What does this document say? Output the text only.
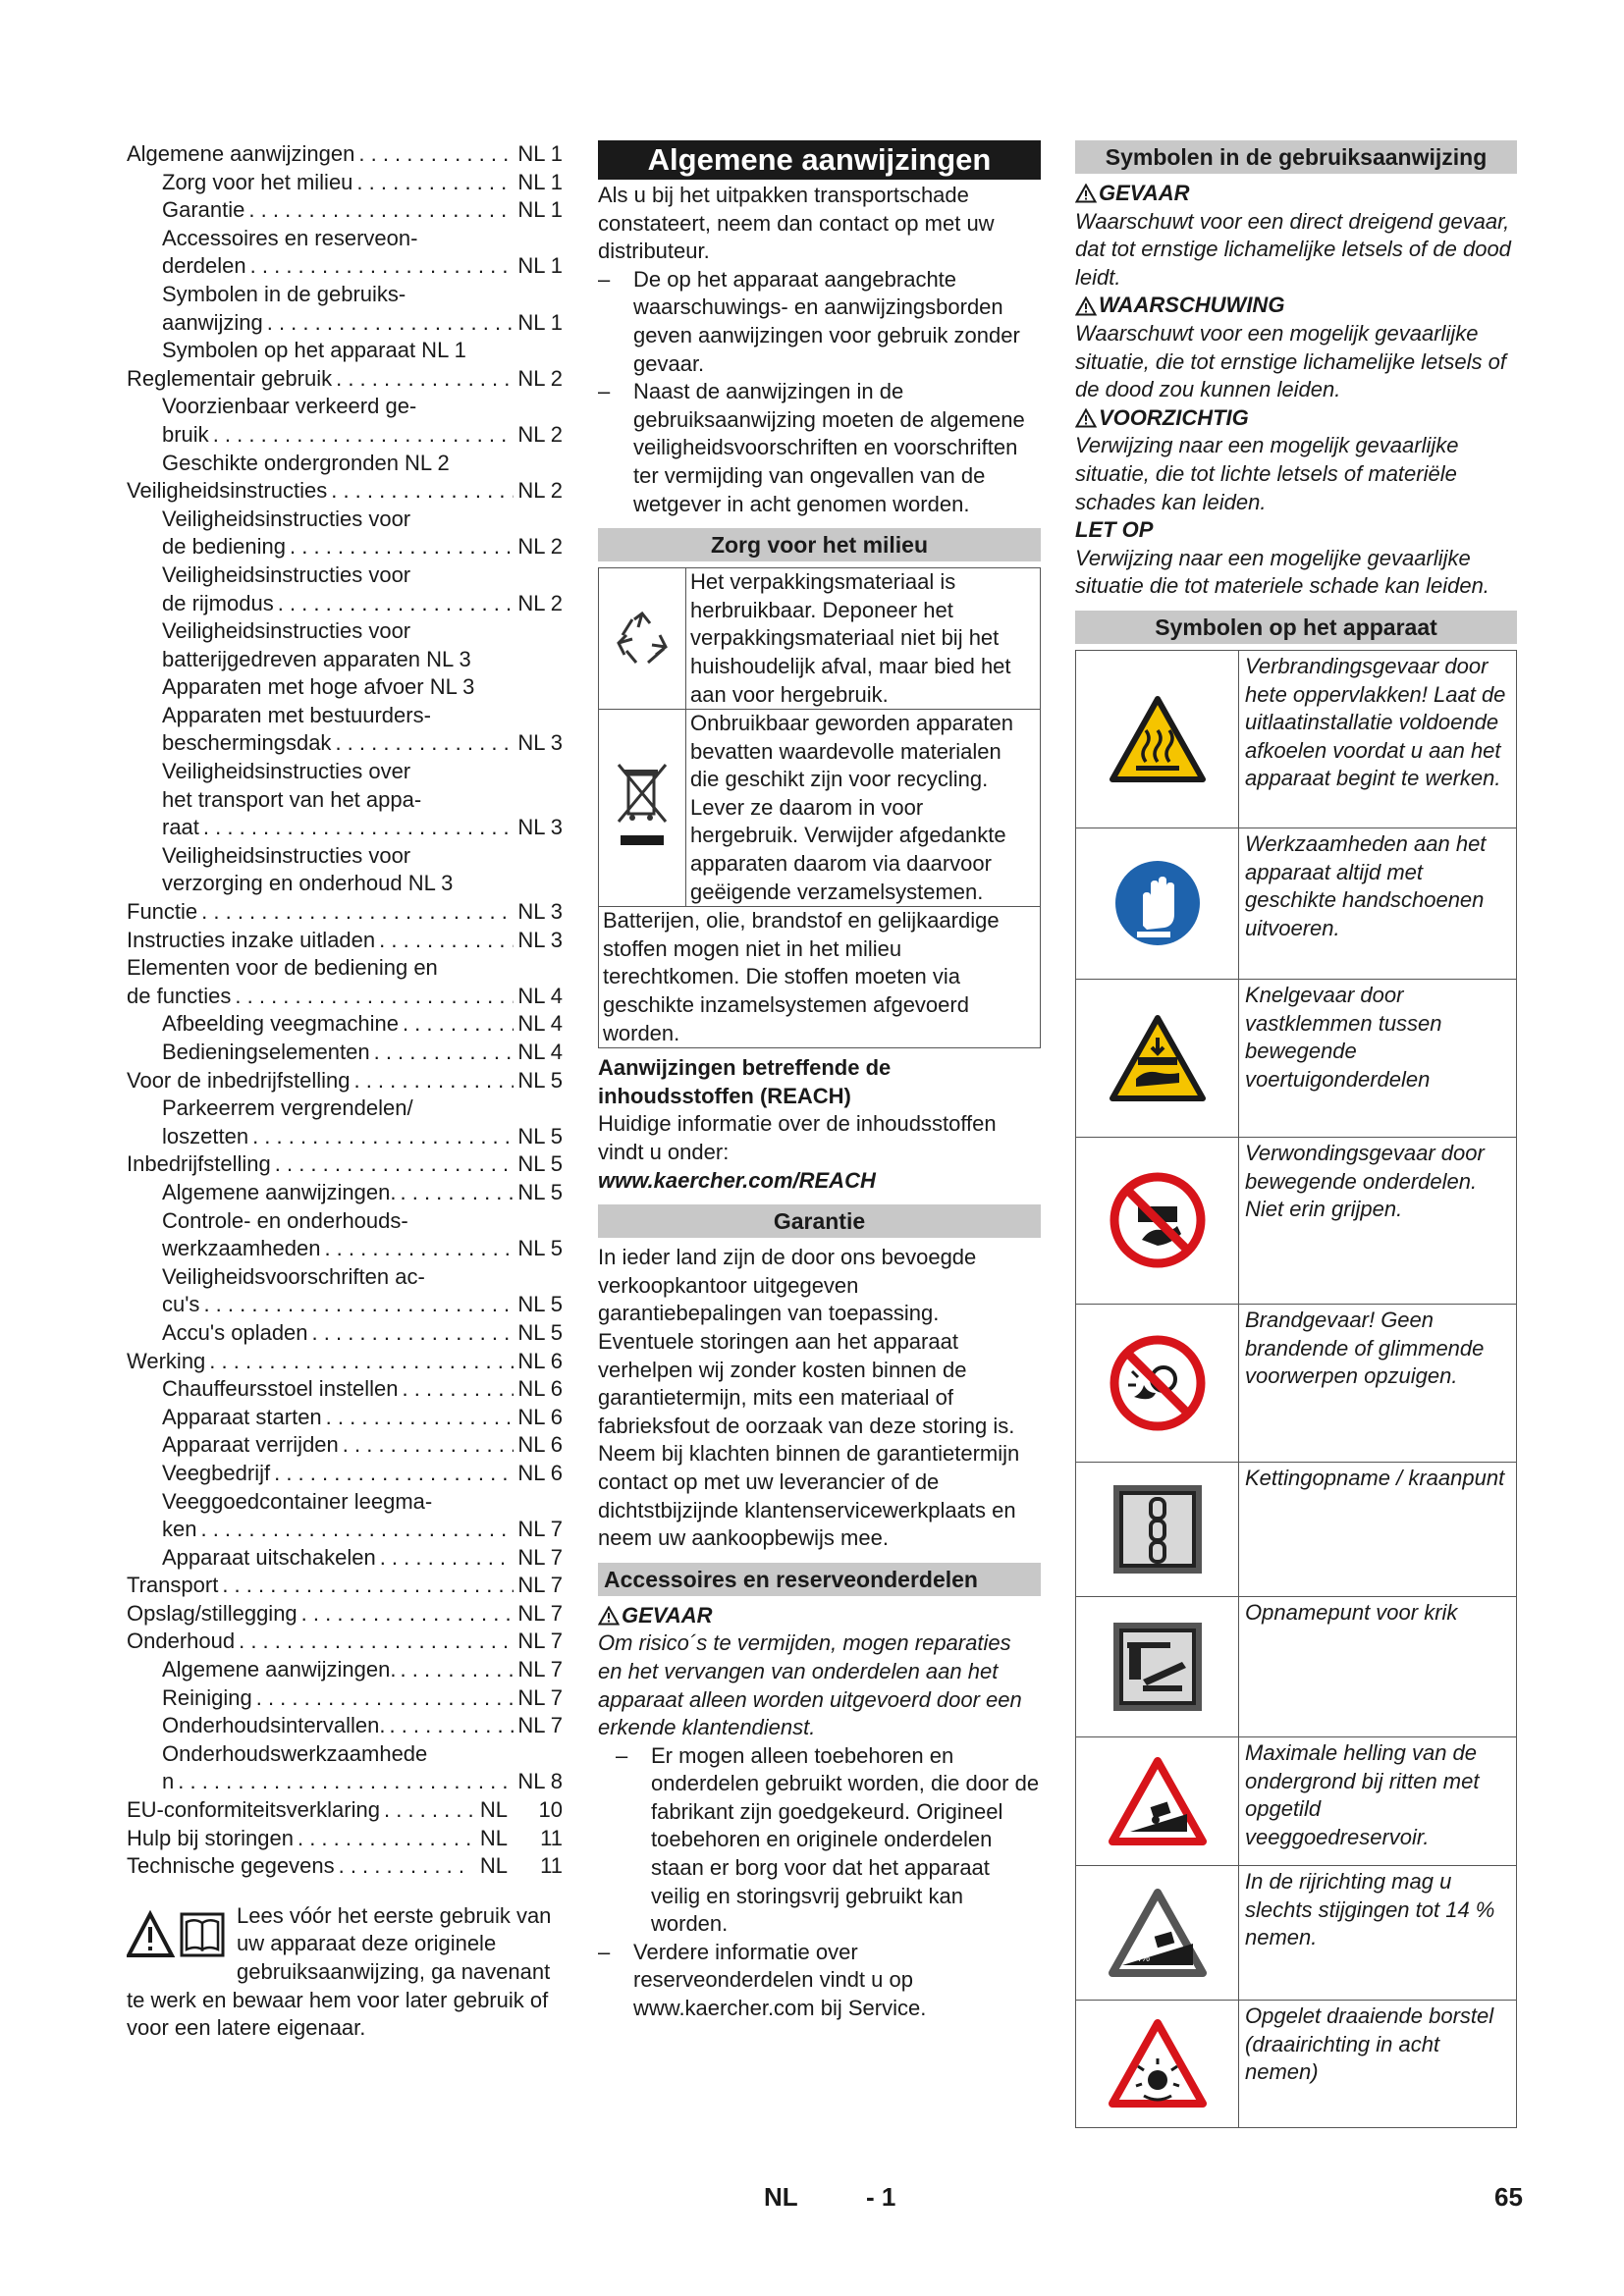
Algemene aanwijzingen . . .	NL 1
Zorg voor het milieu . . .	NL 1
Garantie . . .	NL 1
Accessoires en reserveon-
derdelen . . .	NL 1
Symbolen in de gebruiks-
aanwijzing . . .	NL 1
Symbolen op het apparaat NL 1
Reglementair gebruik . . .	NL 2
Voorzienbaar verkeerd ge-
bruik . . .	NL 2
Geschikte ondergronden NL 2
Veiligheidsinstructies . . .	NL 2
Veiligheidsinstructies voor
de bediening . . .	NL 2
Veiligheidsinstructies voor
de rijmodus . . .	NL 2
Veiligheidsinstructies voor
batterijgedreven apparaten NL 3
Apparaten met hoge afvoer NL 3
Apparaten met bestuurders-
beschermingsdak . . .	NL 3
Veiligheidsinstructies over
het transport van het appa-
raat . . .	NL 3
Veiligheidsinstructies voor
verzorging en onderhoud NL 3
Functie . . .	NL 3
Instructies inzake uitladen . . .	NL 3
Elementen voor de bediening en
de functies . . .	NL 4
Afbeelding veegmachine . . .	NL 4
Bedieningselementen . . .	NL 4
Voor de inbedrijfstelling . . .	NL 5
Parkeerrem vergrendelen/
loszetten . . .	NL 5
Inbedrijfstelling . . .	NL 5
Algemene aanwijzingen. . . .	NL 5
Controle- en onderhouds-
werkzaamheden . . .	NL 5
Veiligheidsvoorschriften ac-
cu's . . .	NL 5
Accu's opladen . . .	NL 5
Werking . . .	NL 6
Chauffeursstoel instellen . . .	NL 6
Apparaat starten . . .	NL 6
Apparaat verrijden . . .	NL 6
Veegbedrijf . . .	NL 6
Veeggoedcontainer leegma-
ken . . .	NL 7
Apparaat uitschakelen . . .	NL 7
Transport . . .	NL 7
Opslag/stillegging . . .	NL 7
Onderhoud . . .	NL 7
Algemene aanwijzingen. . . .	NL 7
Reiniging . . .	NL 7
Onderhoudsintervallen. . . .	NL 7
Onderhoudswerkzaamhede
n . . .	NL 8
EU-conformiteitsverklaring . . .	NL	10
Hulp bij storingen . . .	NL	11
Technische gegevens . . .	NL	11

Lees vóór het eerste gebruik van uw apparaat deze originele gebruiksaanwijzing, ga navenant te werk en bewaar hem voor later gebruik of voor een latere eigenaar.

Algemene aanwijzingen

Als u bij het uitpakken transportschade constateert, neem dan contact op met uw distributeur.

–	De op het apparaat aangebrachte waarschuwings- en aanwijzingsborden geven aanwijzingen voor gebruik zonder gevaar.
–	Naast de aanwijzingen in de gebruiksaanwijzing moeten de algemene veiligheidsvoorschriften en voorschriften ter vermijding van ongevallen van de wetgever in acht genomen worden.
Zorg voor het milieu
Het verpakkingsmateriaal is herbruikbaar. Deponeer het verpakkingsmateriaal niet bij het huishoudelijk afval, maar bied het aan voor hergebruik.
Onbruikbaar geworden apparaten bevatten waardevolle materialen die geschikt zijn voor recycling. Lever ze daarom in voor hergebruik. Verwijder afgedankte apparaten daarom via daarvoor geëigende verzamelsystemen.
Batterijen, olie, brandstof en gelijkaardige stoffen mogen niet in het milieu terechtkomen. Die stoffen moeten via geschikte inzamelsystemen afgevoerd worden.

Aanwijzingen betreffende de inhoudsstoffen (REACH)

Huidige informatie over de inhoudsstoffen vindt u onder:

www.kaercher.com/REACH

Garantie

In ieder land zijn de door ons bevoegde verkoopkantoor uitgegeven garantiebepalingen van toepassing. Eventuele storingen aan het apparaat verhelpen wij zonder kosten binnen de garantietermijn, mits een materiaal of fabrieksfout de oorzaak van deze storing is. Neem bij klachten binnen de garantietermijn contact op met uw leverancier of de dichtstbijzijnde klantenservicewerkplaats en neem uw aankoopbewijs mee.

Accessoires en reserveonderdelen
GEVAAR

Om risico´s te vermijden, mogen reparaties en het vervangen van onderdelen aan het apparaat alleen worden uitgevoerd door een erkende klantendienst.

–	Er mogen alleen toebehoren en onderdelen gebruikt worden, die door de fabrikant zijn goedgekeurd. Origineel toebehoren en originele onderdelen staan er borg voor dat het apparaat veilig en storingsvrij gebruikt kan worden.
–	Verdere informatie over reserveonderdelen vindt u op www.kaercher.com bij Service.
Symbolen in de gebruiksaanwijzing
GEVAAR

Waarschuwt voor een direct dreigend gevaar, dat tot ernstige lichamelijke letsels of de dood leidt.

WAARSCHUWING

Waarschuwt voor een mogelijk gevaarlijke situatie, die tot ernstige lichamelijke letsels of de dood zou kunnen leiden.

VOORZICHTIG

Verwijzing naar een mogelijk gevaarlijke situatie, die tot lichte letsels of materiële schades kan leiden.

LET OP

Verwijzing naar een mogelijke gevaarlijke situatie die tot materiele schade kan leiden.

Symbolen op het apparaat
Verbrandingsgevaar door hete oppervlakken! Laat de uitlaatinstallatie voldoende afkoelen voordat u aan het apparaat begint te werken.
Werkzaamheden aan het apparaat altijd met geschikte handschoenen uitvoeren.
Knelgevaar door vastklemmen tussen bewegende voertuigonderdelen
Verwondingsgevaar door bewegende onderdelen. Niet erin grijpen.
Brandgevaar! Geen brandende of glimmende voorwerpen opzuigen.
Kettingopname / kraanpunt
Opnamepunt voor krik
Maximale helling van de ondergrond bij ritten met opgetild veeggoedreservoir.
14%
In de rijrichting mag u slechts stijgingen tot 14 % nemen.
Opgelet draaiende borstel (draairichting in acht nemen)
NL	- 1	65
